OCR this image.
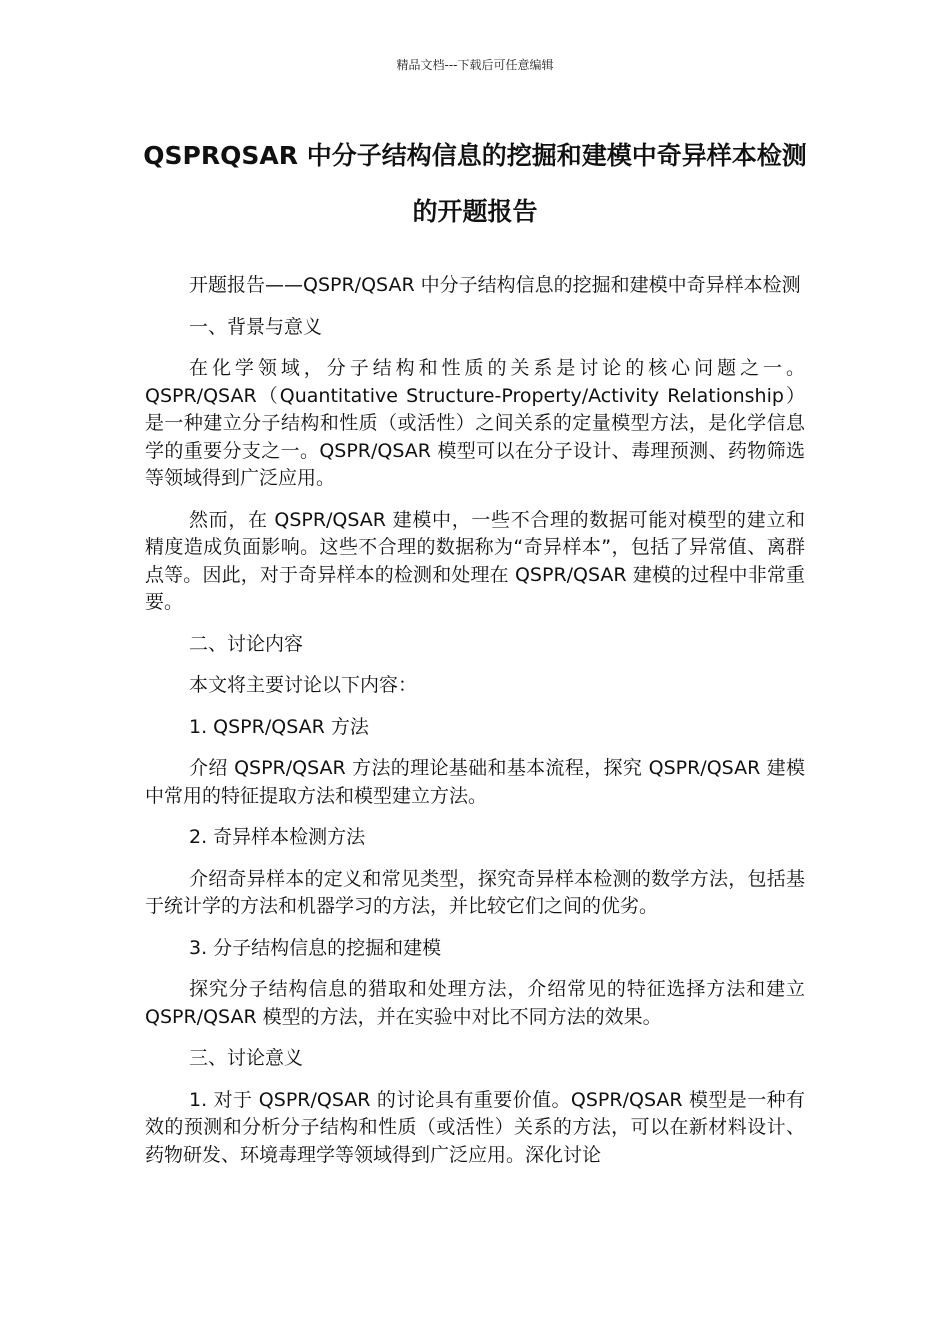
精品文档---下载后可任意编辑
QSPRQSAR 中分子结构信息的挖掘和建模中奇异样本检测的开题报告

开题报告——QSPR/QSAR 中分子结构信息的挖掘和建模中奇异样本检测

一、背景与意义

在化学领域，分子结构和性质的关系是讨论的核心问题之一。QSPR/QSAR（Quantitative Structure-Property/Activity Relationship）是一种建立分子结构和性质（或活性）之间关系的定量模型方法，是化学信息学的重要分支之一。QSPR/QSAR 模型可以在分子设计、毒理预测、药物筛选等领域得到广泛应用。

然而，在 QSPR/QSAR 建模中，一些不合理的数据可能对模型的建立和精度造成负面影响。这些不合理的数据称为“奇异样本”，包括了异常值、离群点等。因此，对于奇异样本的检测和处理在 QSPR/QSAR 建模的过程中非常重要。

二、讨论内容

本文将主要讨论以下内容：

1. QSPR/QSAR 方法

介绍 QSPR/QSAR 方法的理论基础和基本流程，探究 QSPR/QSAR 建模中常用的特征提取方法和模型建立方法。

2. 奇异样本检测方法

介绍奇异样本的定义和常见类型，探究奇异样本检测的数学方法，包括基于统计学的方法和机器学习的方法，并比较它们之间的优劣。

3. 分子结构信息的挖掘和建模

探究分子结构信息的猎取和处理方法，介绍常见的特征选择方法和建立 QSPR/QSAR 模型的方法，并在实验中对比不同方法的效果。

三、讨论意义

1. 对于 QSPR/QSAR 的讨论具有重要价值。QSPR/QSAR 模型是一种有效的预测和分析分子结构和性质（或活性）关系的方法，可以在新材料设计、药物研发、环境毒理学等领域得到广泛应用。深化讨论
